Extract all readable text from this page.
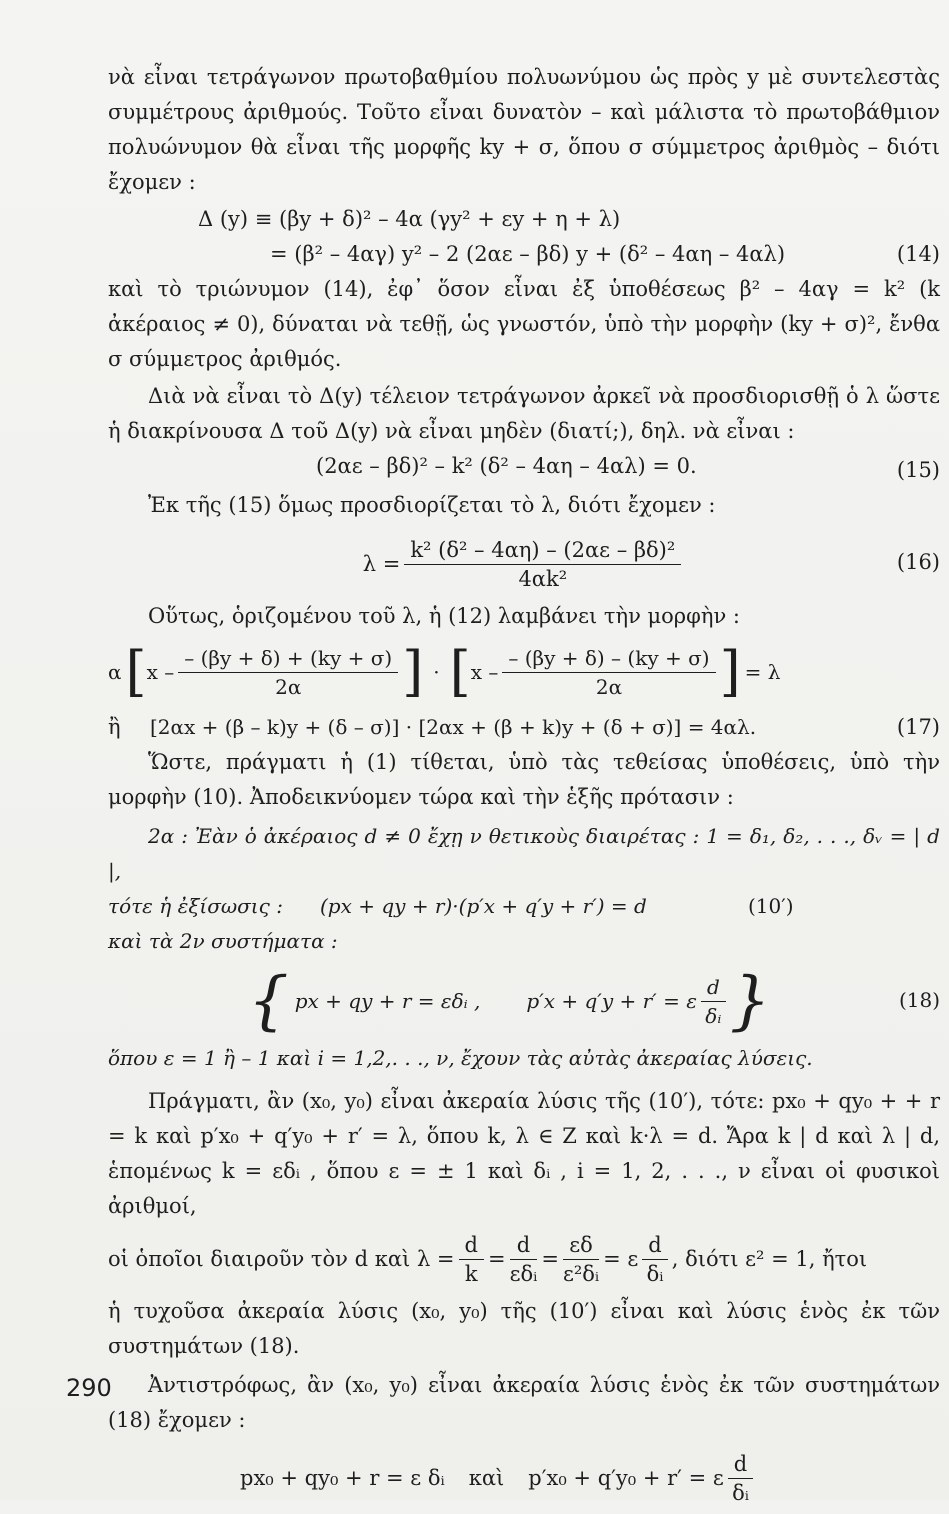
νὰ εἶναι τετράγωνον πρωτοβαθμίου πολυωνύμου ὡς πρὸς y μὲ συντελεστὰς συμμέτρους ἀριθμούς. Τοῦτο εἶναι δυνατὸν – καὶ μάλιστα τὸ πρωτοβάθμιον πολυώνυμον θὰ εἶναι τῆς μορφῆς ky + σ, ὅπου σ σύμμετρος ἀριθμὸς – διότι ἔχομεν :

Δ (y) ≡ (βy + δ)² – 4α (γy² + εy + η + λ)
= (β² – 4αγ) y² – 2 (2αε – βδ) y + (δ² – 4αη – 4αλ)	(14)

καὶ τὸ τριώνυμον (14), ἐφ᾽ ὅσον εἶναι ἐξ ὑποθέσεως β² – 4αγ = k² (k ἀκέραιος ≠ 0), δύναται νὰ τεθῇ, ὡς γνωστόν, ὑπὸ τὴν μορφὴν (ky + σ)², ἔνθα σ σύμμετρος ἀριθμός.

Διὰ νὰ εἶναι τὸ Δ(y) τέλειον τετράγωνον ἀρκεῖ νὰ προσδιορισθῇ ὁ λ ὥστε ἡ διακρίνουσα Δ τοῦ Δ(y) νὰ εἶναι μηδὲν (διατί;), δηλ. νὰ εἶναι :

(2αε – βδ)² – k² (δ² – 4αη – 4αλ) = 0.	(15)

Ἐκ τῆς (15) ὅμως προσδιορίζεται τὸ λ, διότι ἔχομεν :

$\lambda = \frac{\text{k² (δ² – 4αη) – (2αε – βδ)²}}{\text{4αk²}}$	(16)

Οὕτως, ὁριζομένου τοῦ λ, ἡ (12) λαμβάνει τὴν μορφὴν :

α [ x – $\frac{- (\beta y + \delta) + (ky + \sigma)}{2\alpha}$ ] · [ x – $\frac{- (\beta y + \delta) - (ky + \sigma)}{2\alpha}$ ] = λ
ἢ [2αx + (β – k)y + (δ – σ)] · [2αx + (β + k)y + (δ + σ)] = 4αλ.	(17)

Ὥστε, πράγματι ἡ (1) τίθεται, ὑπὸ τὰς τεθείσας ὑποθέσεις, ὑπὸ τὴν μορφὴν (10). Ἀποδεικνύομεν τώρα καὶ τὴν ἑξῆς πρότασιν :

2α : Ἐὰν ὁ ἀκέραιος d ≠ 0 ἔχῃ ν θετικοὺς διαιρέτας : 1 = δ₁, δ₂, . . ., δᵥ = | d |,

τότε ἡ ἐξίσωσις : (px + qy + r)·(p′x + q′y + r′) = d	(10′)

καὶ τὰ 2ν συστήματα :

{ px + qy + r = εδᵢ , p′x + q′y + r′ = ε $\frac{d}{\text{δᵢ}}$ }	(18)

ὅπου ε = 1 ἢ – 1 καὶ i = 1,2,. . ., ν, ἔχουν τὰς αὐτὰς ἀκεραίας λύσεις.

Πράγματι, ἂν (x₀, y₀) εἶναι ἀκεραία λύσις τῆς (10′), τότε: px₀ + qy₀ + + r = k καὶ p′x₀ + q′y₀ + r′ = λ, ὅπου k, λ ∈ Z καὶ k·λ = d. Ἄρα k | d καὶ λ | d, ἑπομένως k = εδᵢ , ὅπου ε = ± 1 καὶ δᵢ , i = 1, 2, . . ., ν εἶναι οἱ φυσικοὶ ἀριθμοί,

οἱ ὁποῖοι διαιροῦν τὸν d καὶ $\lambda = \frac{d}{k} = \frac{d}{\text{εδᵢ}} = \frac{\varepsilon\delta}{\text{ε²δᵢ}} = \varepsilon \frac{d}{\text{δᵢ}}$ , διότι ε² = 1, ἤτοι

ἡ τυχοῦσα ἀκεραία λύσις (x₀, y₀) τῆς (10′) εἶναι καὶ λύσις ἑνὸς ἐκ τῶν συστημάτων (18).

Ἀντιστρόφως, ἂν (x₀, y₀) εἶναι ἀκεραία λύσις ἑνὸς ἐκ τῶν συστημάτων (18) ἔχομεν :

px₀ + qy₀ + r = ε δᵢ καὶ p′x₀ + q′y₀ + r′ = ε $\frac{d}{\text{δᵢ}}$
290
